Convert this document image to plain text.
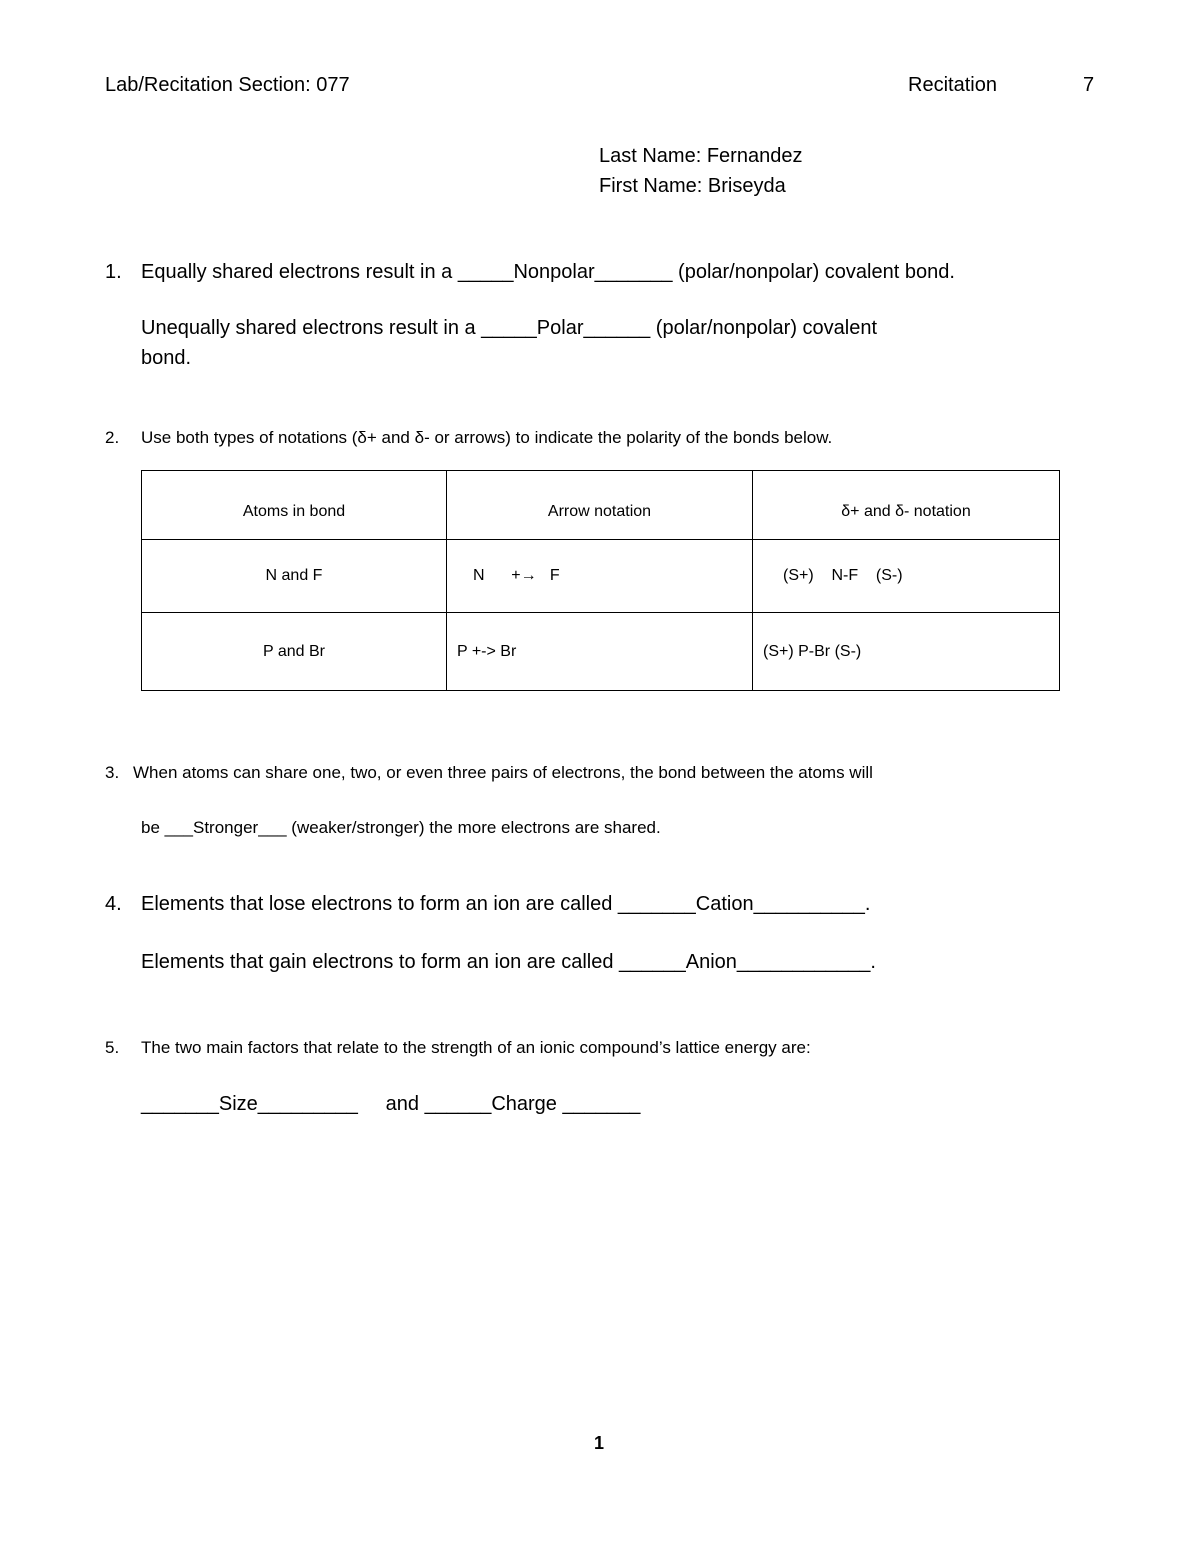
Lab/Recitation Section: 077	Recitation	7
Last Name: Fernandez
First Name: Briseyda
1. Equally shared electrons result in a _____Nonpolar_______ (polar/nonpolar) covalent bond.
Unequally shared electrons result in a _____Polar______ (polar/nonpolar) covalent
bond.
2. Use both types of notations (δ+ and δ- or arrows) to indicate the polarity of the bonds below.
Atoms in bond	Arrow notation	δ+ and δ- notation
N and F	N      +→   F	(S+)    N-F    (S-)
P and Br	P +-> Br	(S+) P-Br (S-)
3. When atoms can share one, two, or even three pairs of electrons, the bond between the atoms will
be ___Stronger___ (weaker/stronger) the more electrons are shared.
4. Elements that lose electrons to form an ion are called _______Cation__________.
Elements that gain electrons to form an ion are called ______Anion____________.
5. The two main factors that relate to the strength of an ionic compound’s lattice energy are:
_______Size_________     and ______Charge _______
1
